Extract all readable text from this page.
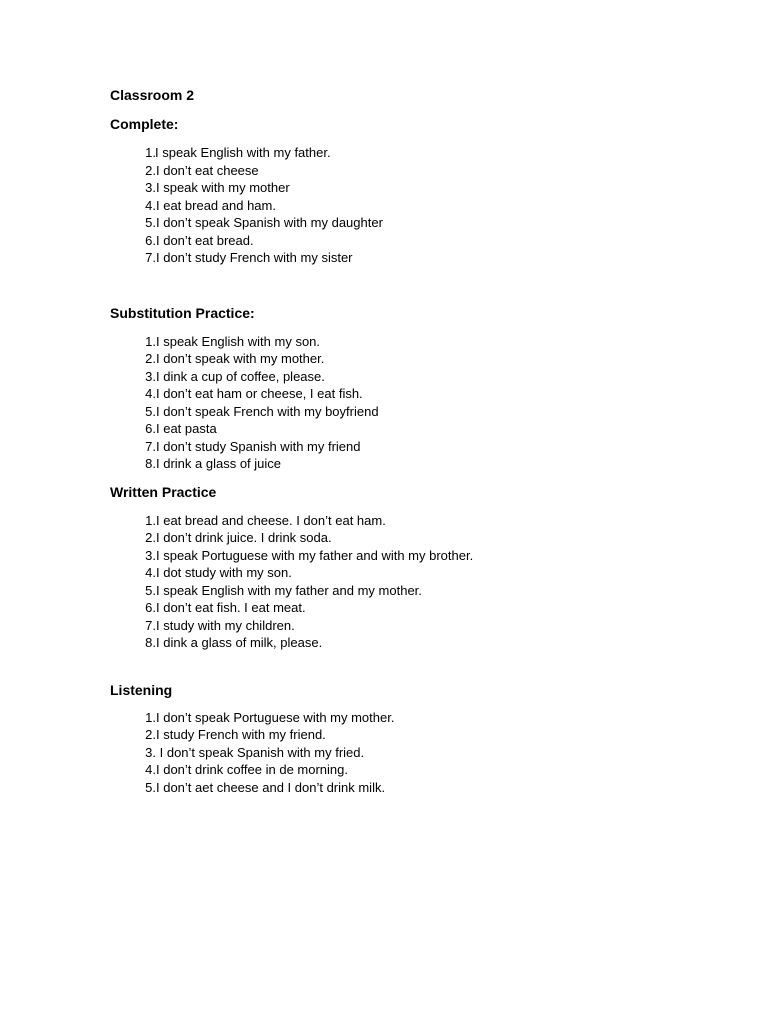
Classroom 2
Complete:
1. I speak English with my father.
2. I don’t eat cheese
3. I speak with my mother
4. I eat bread and ham.
5. I don’t speak Spanish with my daughter
6. I don’t eat bread.
7. I don’t study French with my sister
Substitution Practice:
1. I speak English with my son.
2. I don’t speak with my mother.
3. I dink a cup of coffee, please.
4. I don’t eat ham or cheese, I eat fish.
5. I don’t speak French with my boyfriend
6. I eat pasta
7. I don’t study Spanish with my friend
8. I drink a glass of juice
Written Practice
1. I eat bread and cheese. I don’t eat ham.
2. I don’t drink juice. I drink soda.
3. I speak Portuguese with my father and with my brother.
4. I dot study with my son.
5. I speak English with my father and my mother.
6. I don’t eat fish. I eat meat.
7. I study with my children.
8. I dink a glass of milk, please.
Listening
1. I don’t speak Portuguese with my mother.
2. I study French with my friend.
3. I don’t speak Spanish with my fried.
4. I don’t drink coffee in de morning.
5. I don’t aet cheese and I don’t drink milk.
